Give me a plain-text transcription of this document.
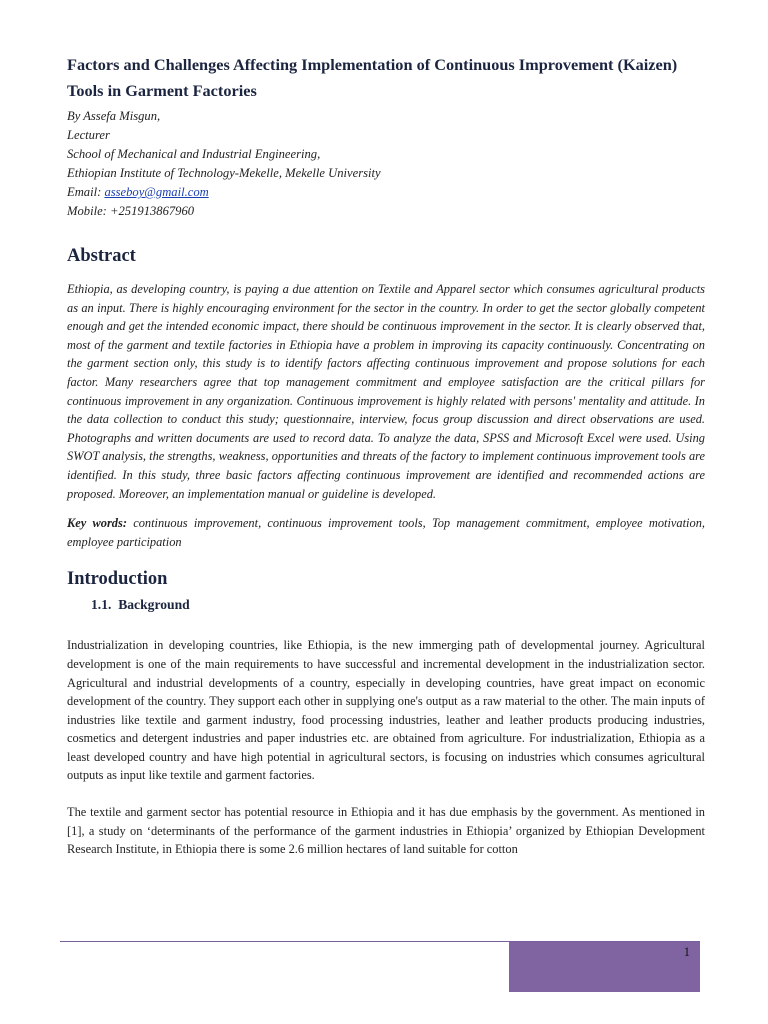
Factors and Challenges Affecting Implementation of Continuous Improvement (Kaizen) Tools in Garment Factories
By Assefa Misgun,
Lecturer
School of Mechanical and Industrial Engineering,
Ethiopian Institute of Technology-Mekelle, Mekelle University
Email: asseboy@gmail.com
Mobile: +251913867960
Abstract

Ethiopia, as developing country, is paying a due attention on Textile and Apparel sector which consumes agricultural products as an input. There is highly encouraging environment for the sector in the country. In order to get the sector globally competent enough and get the intended economic impact, there should be continuous improvement in the sector. It is clearly observed that, most of the garment and textile factories in Ethiopia have a problem in improving its capacity continuously. Concentrating on the garment section only, this study is to identify factors affecting continuous improvement and propose solutions for each factor. Many researchers agree that top management commitment and employee satisfaction are the critical pillars for continuous improvement in any organization. Continuous improvement is highly related with persons' mentality and attitude. In the data collection to conduct this study; questionnaire, interview, focus group discussion and direct observations are used. Photographs and written documents are used to record data. To analyze the data, SPSS and Microsoft Excel were used. Using SWOT analysis, the strengths, weakness, opportunities and threats of the factory to implement continuous improvement tools are identified. In this study, three basic factors affecting continuous improvement are identified and recommended actions are proposed. Moreover, an implementation manual or guideline is developed.

Key words: continuous improvement, continuous improvement tools, Top management commitment, employee motivation, employee participation

Introduction
1.1. Background

Industrialization in developing countries, like Ethiopia, is the new immerging path of developmental journey. Agricultural development is one of the main requirements to have successful and incremental development in the industrialization sector. Agricultural and industrial developments of a country, especially in developing countries, have great impact on economic development of the country. They support each other in supplying one's output as a raw material to the other. The main inputs of industries like textile and garment industry, food processing industries, leather and leather products producing industries, cosmetics and detergent industries and paper industries etc. are obtained from agriculture. For industrialization, Ethiopia as a least developed country and have high potential in agricultural sectors, is focusing on industries which consumes agricultural outputs as input like textile and garment factories.

The textile and garment sector has potential resource in Ethiopia and it has due emphasis by the government. As mentioned in [1], a study on ‘determinants of the performance of the garment industries in Ethiopia’ organized by Ethiopian Development Research Institute, in Ethiopia there is some 2.6 million hectares of land suitable for cotton

1
